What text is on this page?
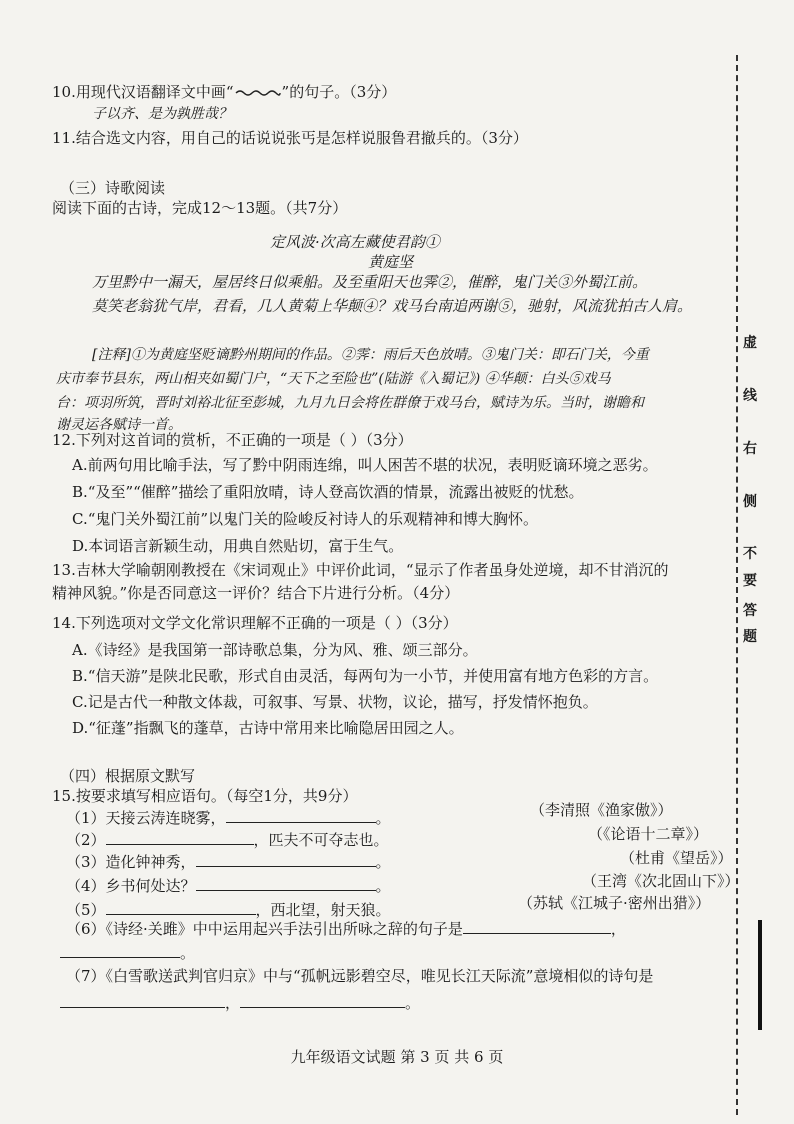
10.用现代汉语翻译文中画“	”的句子。（3分）
子以齐、是为孰胜哉？
11.结合选文内容，用自己的话说说张丐是怎样说服鲁君撤兵的。（3分）
（三）诗歌阅读
阅读下面的古诗，完成12～13题。（共7分）
定风波·次高左藏使君韵①
黄庭坚
万里黔中一漏天，屋居终日似乘船。及至重阳天也霁②，催醉，鬼门关③外蜀江前。
莫笑老翁犹气岸，君看，几人黄菊上华颠④？戏马台南追两谢⑤，驰射，风流犹拍古人肩。
[注释]①为黄庭坚贬谪黔州期间的作品。②霁：雨后天色放晴。③鬼门关：即石门关，今重
庆市奉节县东，两山相夹如蜀门户，“天下之至险也”(陆游《入蜀记》) ④华颠：白头⑤戏马
台：项羽所筑，晋时刘裕北征至彭城，九月九日会将佐群僚于戏马台，赋诗为乐。当时，谢瞻和
谢灵运各赋诗一首。
12.下列对这首词的赏析，不正确的一项是（ ）（3分）
A.前两句用比喻手法，写了黔中阴雨连绵，叫人困苦不堪的状况，表明贬谪环境之恶劣。
B.“及至”“催醉”描绘了重阳放晴，诗人登高饮酒的情景，流露出被贬的忧愁。
C.“鬼门关外蜀江前”以鬼门关的险峻反衬诗人的乐观精神和博大胸怀。
D.本词语言新颖生动，用典自然贴切，富于生气。
13.吉林大学喻朝刚教授在《宋词观止》中评价此词，“显示了作者虽身处逆境，却不甘消沉的
精神风貌。”你是否同意这一评价？结合下片进行分析。（4分）
14.下列选项对文学文化常识理解不正确的一项是（ ）（3分）
A.《诗经》是我国第一部诗歌总集，分为风、雅、颂三部分。
B.“信天游”是陕北民歌，形式自由灵活，每两句为一小节，并使用富有地方色彩的方言。
C.记是古代一种散文体裁，可叙事、写景、状物，议论，描写，抒发情怀抱负。
D.“征蓬”指飘飞的蓬草，古诗中常用来比喻隐居田园之人。
（四）根据原文默写
15.按要求填写相应语句。（每空1分，共9分）
（1）天接云涛连晓雾，	。	（李清照《渔家傲》）
（2）	，匹夫不可夺志也。	（《论语十二章》）
（3）造化钟神秀，	。	（杜甫《望岳》）
（4）乡书何处达？	。	（王湾《次北固山下》）
（5）	，西北望，射天狼。	（苏轼《江城子·密州出猎》）
（6）《诗经·关雎》中中运用起兴手法引出所咏之辞的句子是	，
。
（7）《白雪歌送武判官归京》中与“孤帆远影碧空尽，唯见长江天际流”意境相似的诗句是
，	。
虚
线
右
侧
不
要
答
题
九年级语文试题 第 3 页 共 6 页
